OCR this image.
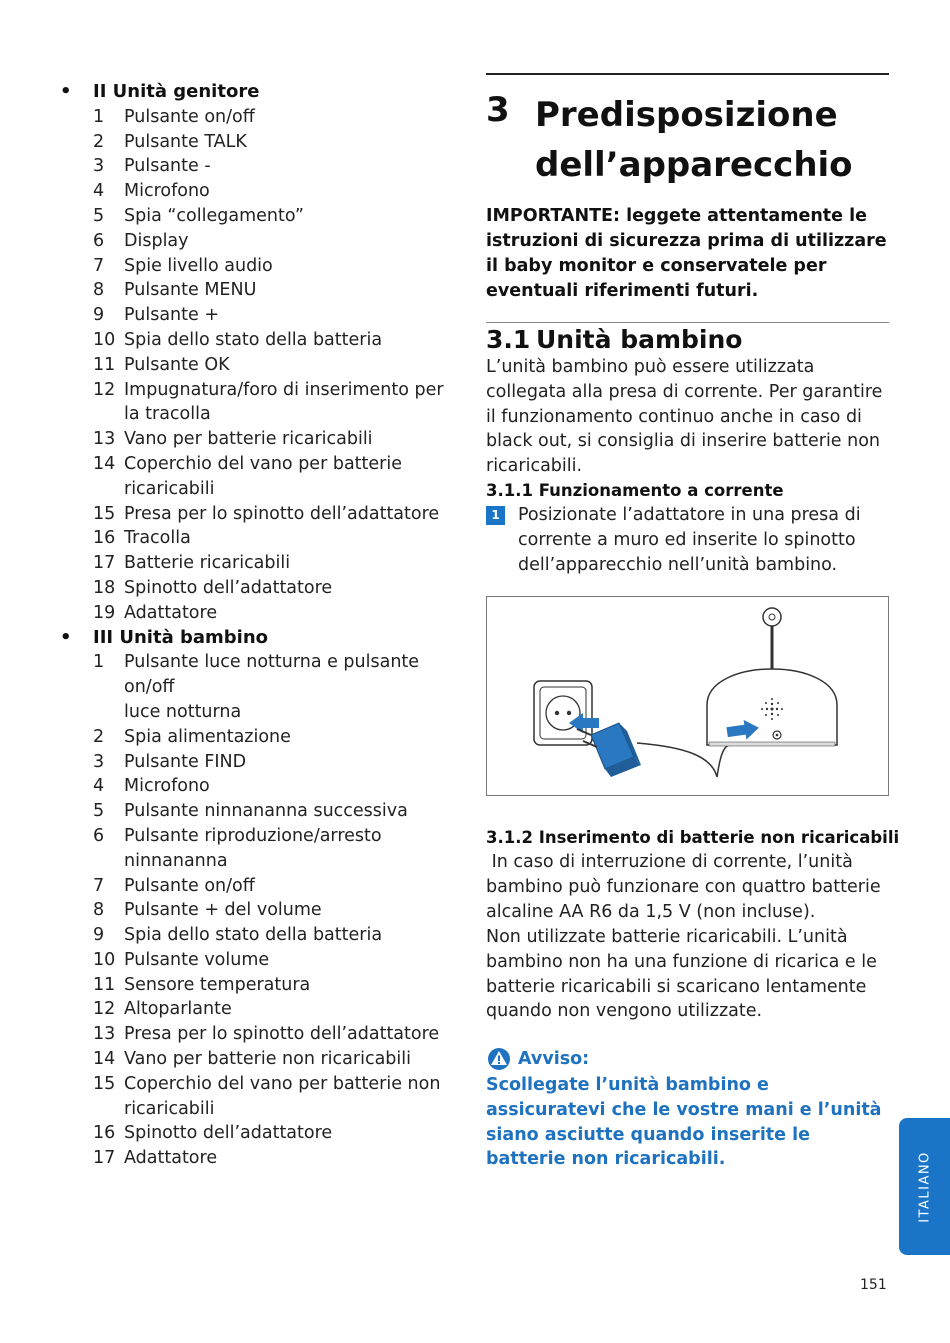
•	II Unità genitore
1	Pulsante on/off
2	Pulsante TALK
3	Pulsante -
4	Microfono
5	Spia “collegamento”
6	Display
7	Spie livello audio
8	Pulsante MENU
9	Pulsante +
10 Spia dello stato della batteria
11 Pulsante OK
12 Impugnatura/foro di inserimento per
la tracolla
13 Vano per batterie ricaricabili
14 Coperchio del vano per batterie
ricaricabili
15 Presa per lo spinotto dell’adattatore
16 Tracolla
17 Batterie ricaricabili
18 Spinotto dell’adattatore
19 Adattatore
•	III Unità bambino
1	Pulsante luce notturna e pulsante on/off
luce notturna
2	Spia alimentazione
3	Pulsante FIND
4	Microfono
5	Pulsante ninnananna successiva
6	Pulsante riproduzione/arresto ninnananna
7	Pulsante on/off
8	Pulsante + del volume
9	Spia dello stato della batteria
10 Pulsante volume
11 Sensore temperatura
12 Altoparlante
13 Presa per lo spinotto dell’adattatore
14 Vano per batterie non ricaricabili
15 Coperchio del vano per batterie non
ricaricabili
16 Spinotto dell’adattatore
17 Adattatore
3 Predisposizione dell’apparecchio
IMPORTANTE: leggete attentamente le istruzioni di sicurezza prima di utilizzare il baby monitor e conservatele per eventuali riferimenti futuri.
3.1 Unità bambino
L’unità bambino può essere utilizzata collegata alla presa di corrente. Per garantire il funzionamento continuo anche in caso di black out, si consiglia di inserire batterie non ricaricabili.
3.1.1 Funzionamento a corrente
1	Posizionate l’adattatore in una presa di corrente a muro ed inserite lo spinotto dell’apparecchio nell’unità bambino.
3.1.2 Inserimento di batterie non ricaricabili
In caso di interruzione di corrente, l’unità bambino può funzionare con quattro batterie alcaline AA R6 da 1,5 V (non incluse).
Non utilizzate batterie ricaricabili. L’unità bambino non ha una funzione di ricarica e le batterie ricaricabili si scaricano lentamente quando non vengono utilizzate.
Avviso:
Scollegate l’unità bambino e assicuratevi che le vostre mani e l’unità siano asciutte quando inserite le batterie non ricaricabili.	ITALIANO
151
